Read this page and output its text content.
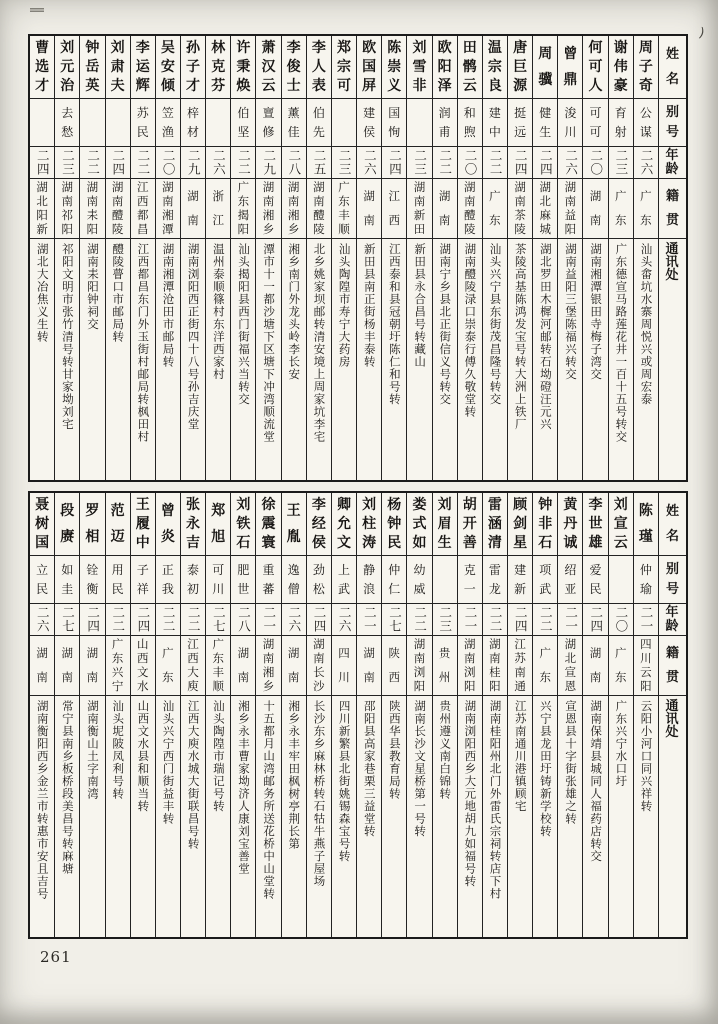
)
姓
名
别
号
年
龄
籍
贯
通
讯
处
周
子
奇
公
谋
二六
广
东
汕头畬坑水寨周悦兴或周宏泰
谢
伟
豪
育
射
二三
广
东
广东德宣马路莲花井一百十五号转交
何
可
人
可
可
二〇
湖
南
湖南湘潭银田寺梅子湾交
曾
鼎
浚
川
二六
湖
南
益
阳
湖南益阳三堡陈福兴转交
周
骥
健
生
二四
湖
北
麻
城
湖北罗田木樨河邮转石坳磴汪元兴
唐
巨
源
挺
远
二四
湖
南
茶
陵
茶陵高基陈鸿发宝号转大洲上铁厂
温
宗
良
建
中
二二
广
东
汕头兴宁县东街茂昌隆号转交
田
鹘
云
和
煦
二〇
湖
南
醴
陵
湖南醴陵渌口崇泰行傅久敬堂转
欧
阳
泽
润
甫
二二
湖
南
湖南宁乡县北正街信义号转交
刘
雪
非
二三
湖
南
新
田
新田县永合昌号转藏山
陈
崇
义
国
恂
二四
江
西
江西泰和县冠朝圩陈仁和号转
欧
国
屏
建
侯
二六
湖
南
新田县南正街杨丰泰转
郑
宗
可
二三
广
东
丰
顺
汕头陶隍市寿宁大药房
李
人
表
伯
先
二五
湖
南
醴
陵
北乡姚家坝邮转清安境上周家坑李宅
李
俊
士
薰
佳
二八
湖
南
湘
乡
湘乡南门外龙头岭李长安
萧
汉
云
亶
修
二九
湖
南
湘
乡
潭市十一都沙塘下区塘下冲湾顺流堂
许
秉
焕
伯
坚
二二
广
东
揭
阳
汕头揭阳县西门街福兴当转交
林
克
芬
二六
浙
江
温州泰顺篠村东洋西家村
孙
子
才
梓
材
二九
湖
南
湖南浏阳西正街四十八号孙吉庆堂
吴
安
倾
笠
渔
二〇
湖
南
湘
潭
湖南湘潭沧田市邮局转
李
运
辉
苏
民
二二
江
西
都
昌
江西都昌东门外玉街村邮局转枫田村
刘
肃
夫
二四
湖
南
醴
陵
醴陵瞢口市邮局转
钟
岳
英
二二
湖
南
耒
阳
湖南耒阳钟祠交
刘
元
治
去
愁
二三
湖
南
祁
阳
祁阳文明市张竹清号转甘家坳刘宅
曹
选
才
二四
湖
北
阳
新
湖北大冶焦义生转
姓
名
别
号
年
龄
籍
贯
通
讯
处
陈
瑾
仲
瑜
二一
四
川
云
阳
云阳小河口同兴祥转
刘
宣
云
二〇
广
东
广东兴宁水口圩
李
世
雄
爱
民
二四
湖
南
湖南保靖县城同人福药店转交
黄
丹
诚
绍
亚
二一
湖
北
宣
恩
宣恩县十字街张雄之转
钟
非
石
项
武
二二
广
东
兴宁县龙田圩铸新学校转
顾
剑
星
建
新
二四
江
苏
南
通
江苏南通川港镇顾宅
雷
涵
清
雷
龙
二二
湖
南
桂
阳
湖南桂阳州北门外雷氏宗祠转店下村
胡
开
善
克
一
二一
湖
南
浏
阳
湖南浏阳西乡大元地胡九如福号转
刘
眉
生
二三
贵
州
贵州遵义南白锦转
娄
式
如
幼
威
二二
湖
南
浏
阳
湖南长沙文星桥第一号转
杨
钟
民
仲
仁
二七
陕
西
陕西华县教育局转
刘
柱
涛
静
浪
二一
湖
南
邵阳县高家巷栗三益堂转
卿
允
文
上
武
二六
四
川
四川新繁县北街姚锡森宝号转
李
经
侯
劲
松
二四
湖
南
长
沙
长沙东乡麻林桥转石牯牛燕子屋场
王
胤
逸
僧
二六
湖
南
湘乡永丰牢田枫树亭荆长第
徐
震
寰
重
蕃
二一
湖
南
湘
乡
十五都月山湾邮务所送花桥中山堂转
刘
铁
石
肥
世
二八
湖
南
湘乡永丰曹家坳济人康刘宝善堂
郑
旭
可
川
二七
广
东
丰
顺
汕头陶隍市瑞记号转
张
永
吉
泰
初
二二
江
西
大
庾
江西大庾水城大街联昌号转
曾
炎
正
我
二二
广
东
汕头兴宁西门街益丰转
王
履
中
子
祥
二四
山
西
文
水
山西文水县和顺当转
范
迈
用
民
二二
广
东
兴
宁
汕头坭陂凤利号转
罗
相
铨
衡
二四
湖
南
湖南衡山土字南湾
段
赓
如
圭
二七
湖
南
常宁县南乡板桥段美昌号转麻塘
聂
树
国
立
民
二六
湖
南
湖南衡阳西乡金兰市转惠市安且吉号
261
